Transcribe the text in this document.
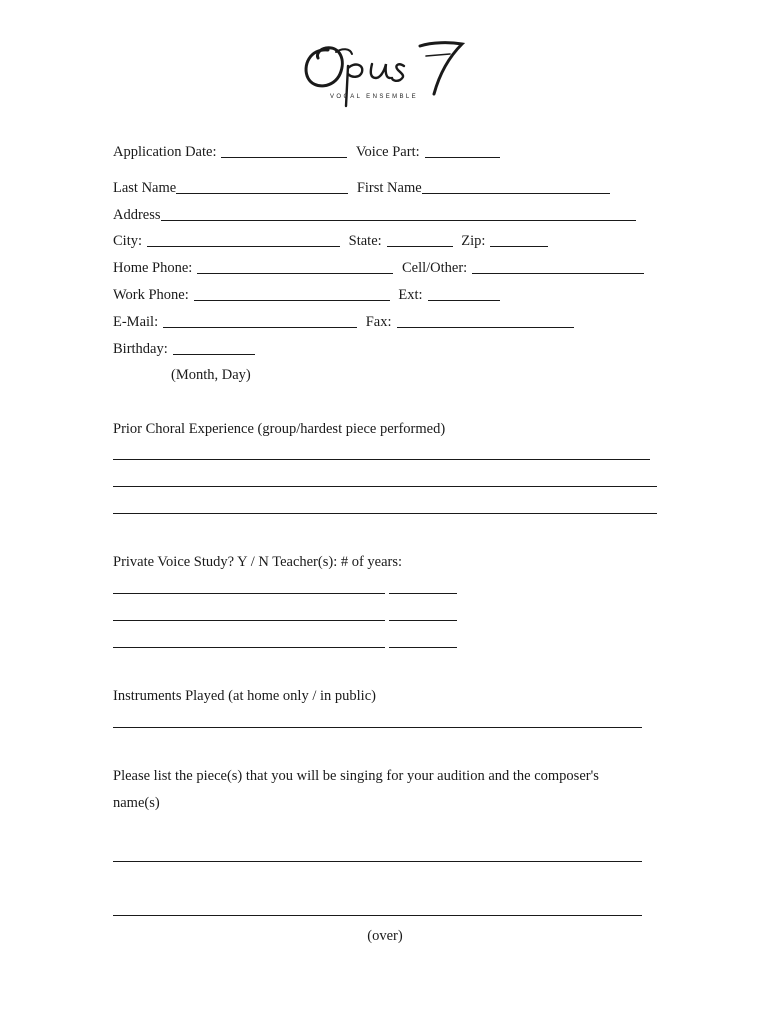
VOCAL ENSEMBLE
Application Date:	Voice Part:
Last Name	First Name
Address
City:	State:	Zip:
Home Phone:	Cell/Other:
Work Phone:	Ext:
E-Mail:	Fax:
Birthday:
(Month, Day)
Prior Choral Experience (group/hardest piece performed)
Private Voice Study? Y / N Teacher(s): # of years:
Instruments Played (at home only / in public)
Please list the piece(s) that you will be singing for your audition and the composer's
name(s)
(over)
